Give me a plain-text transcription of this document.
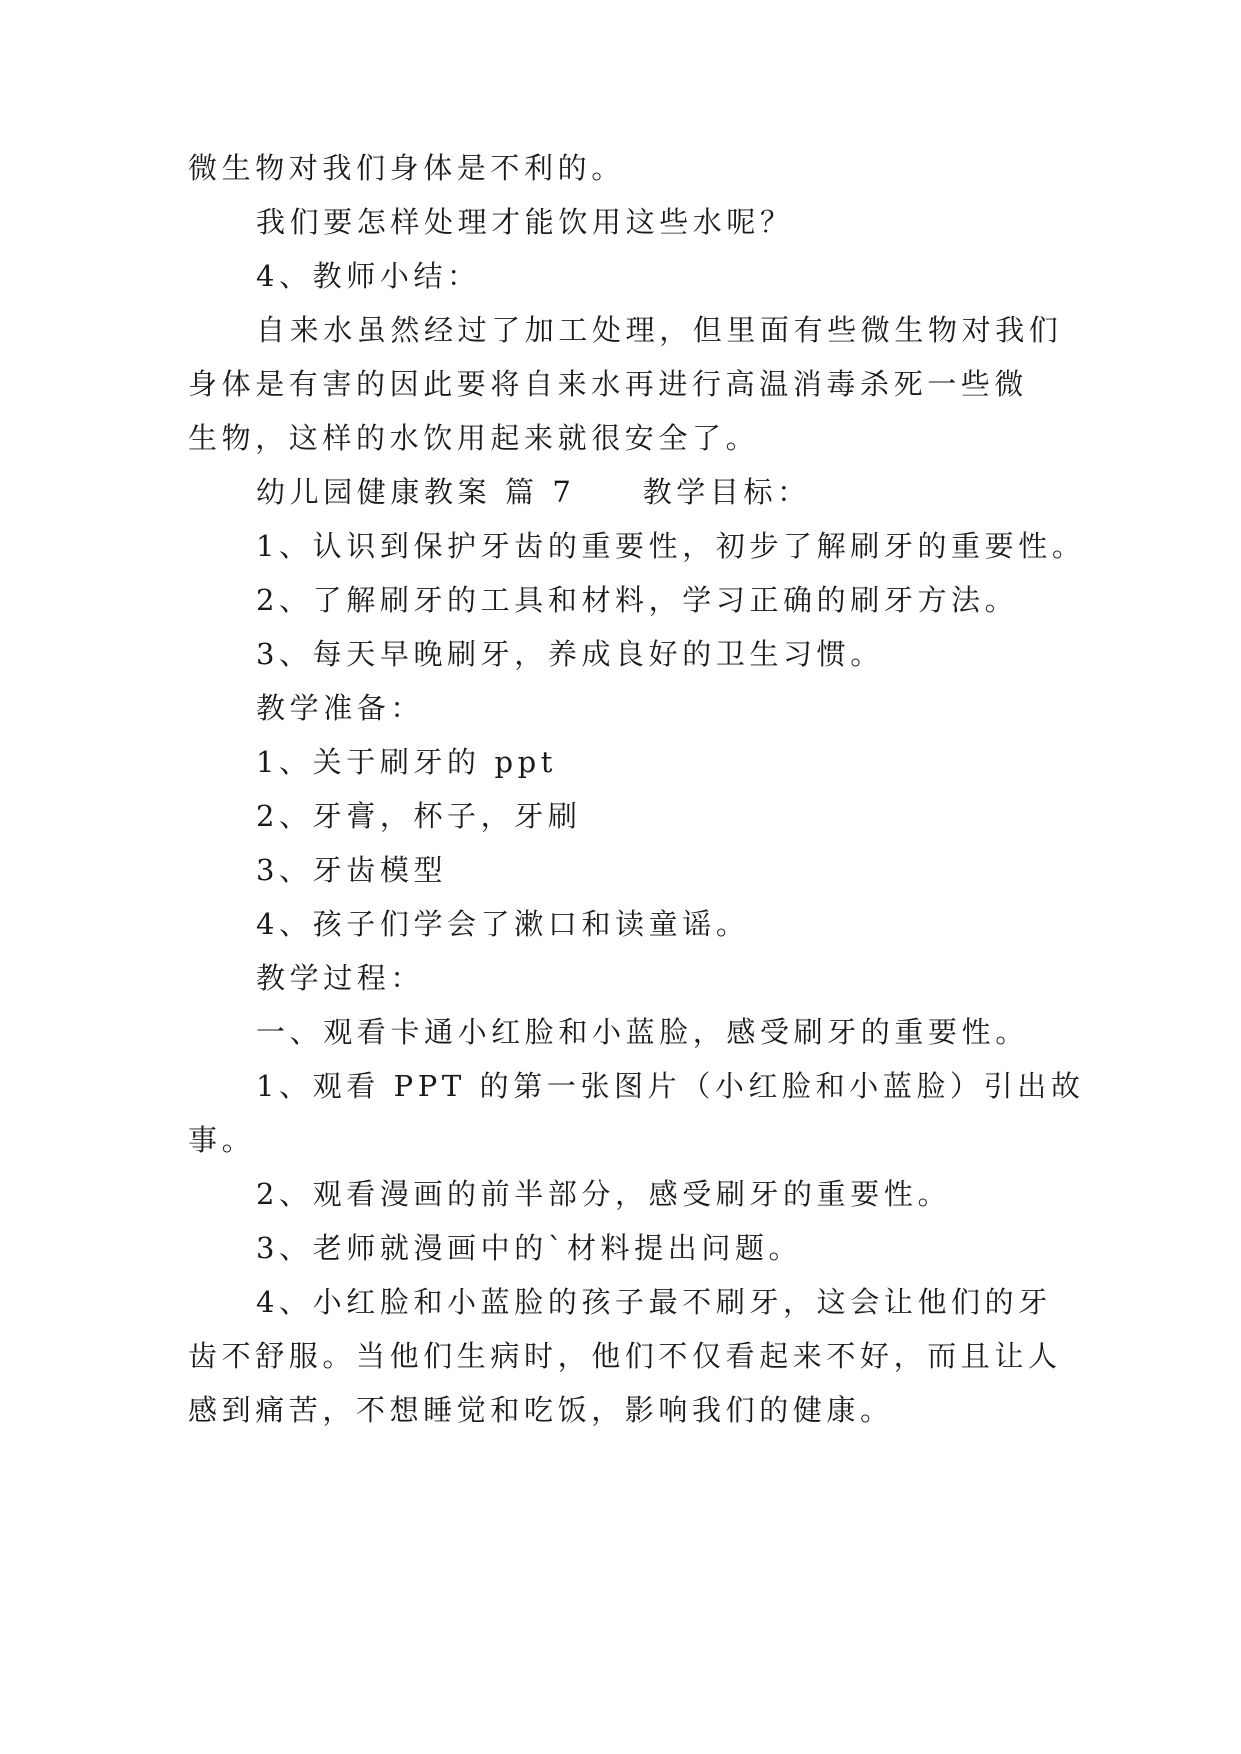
微生物对我们身体是不利的。
我们要怎样处理才能饮用这些水呢？
4、教师小结：
自来水虽然经过了加工处理，但里面有些微生物对我们
身体是有害的因此要将自来水再进行高温消毒杀死一些微
生物，这样的水饮用起来就很安全了。
幼儿园健康教案 篇 7　　教学目标：
1、认识到保护牙齿的重要性，初步了解刷牙的重要性。
2、了解刷牙的工具和材料，学习正确的刷牙方法。
3、每天早晚刷牙，养成良好的卫生习惯。
教学准备：
1、关于刷牙的 ppt
2、牙膏，杯子，牙刷
3、牙齿模型
4、孩子们学会了漱口和读童谣。
教学过程：
一、观看卡通小红脸和小蓝脸，感受刷牙的重要性。
1、观看 PPT 的第一张图片（小红脸和小蓝脸）引出故
事。
2、观看漫画的前半部分，感受刷牙的重要性。
3、老师就漫画中的`材料提出问题。
4、小红脸和小蓝脸的孩子最不刷牙，这会让他们的牙
齿不舒服。当他们生病时，他们不仅看起来不好，而且让人
感到痛苦，不想睡觉和吃饭，影响我们的健康。
